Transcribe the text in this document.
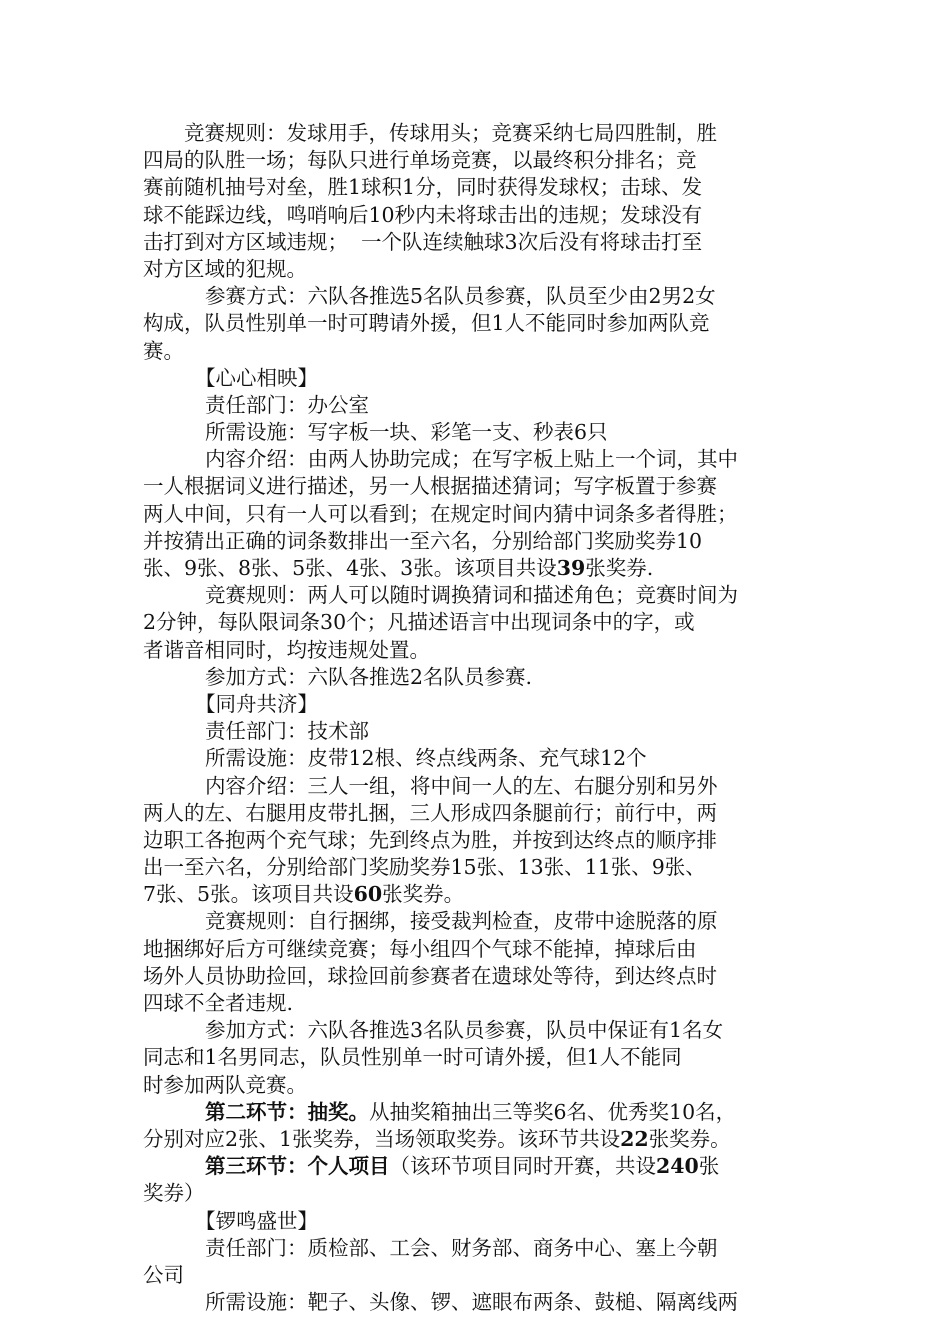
竞赛规则：发球用手，传球用头；竞赛采纳七局四胜制，胜
四局的队胜一场；每队只进行单场竞赛，以最终积分排名；竞
赛前随机抽号对垒，胜1球积1分，同时获得发球权；击球、发
球不能踩边线，鸣哨响后10秒内未将球击出的违规；发球没有
击打到对方区域违规；  一个队连续触球3次后没有将球击打至
对方区域的犯规。
参赛方式：六队各推选5名队员参赛，队员至少由2男2女
构成，队员性别单一时可聘请外援，但1人不能同时参加两队竞
赛。
【心心相映】
责任部门：办公室
所需设施：写字板一块、彩笔一支、秒表6只
内容介绍：由两人协助完成；在写字板上贴上一个词，其中
一人根据词义进行描述，另一人根据描述猜词；写字板置于参赛
两人中间，只有一人可以看到；在规定时间内猜中词条多者得胜；
并按猜出正确的词条数排出一至六名，分别给部门奖励奖券10
张、9张、8张、5张、4张、3张。该项目共设39张奖券.
竞赛规则：两人可以随时调换猜词和描述角色；竞赛时间为
2分钟，每队限词条30个；凡描述语言中出现词条中的字，或
者谐音相同时，均按违规处置。
参加方式：六队各推选2名队员参赛.
【同舟共济】
责任部门：技术部
所需设施：皮带12根、终点线两条、充气球12个
内容介绍：三人一组，将中间一人的左、右腿分别和另外
两人的左、右腿用皮带扎捆，三人形成四条腿前行；前行中，两
边职工各抱两个充气球；先到终点为胜，并按到达终点的顺序排
出一至六名，分别给部门奖励奖券15张、13张、11张、9张、
7张、5张。该项目共设60张奖券。
竞赛规则：自行捆绑，接受裁判检查，皮带中途脱落的原
地捆绑好后方可继续竞赛；每小组四个气球不能掉，掉球后由
场外人员协助捡回，球捡回前参赛者在遗球处等待，到达终点时
四球不全者违规.
参加方式：六队各推选3名队员参赛，队员中保证有1名女
同志和1名男同志，队员性别单一时可请外援，但1人不能同
时参加两队竞赛。
第二环节：抽奖。从抽奖箱抽出三等奖6名、优秀奖10名，
分别对应2张、1张奖券，当场领取奖券。该环节共设22张奖券。
第三环节：个人项目（该环节项目同时开赛，共设240张
奖券）
【锣鸣盛世】
责任部门：质检部、工会、财务部、商务中心、塞上今朝
公司
所需设施：靶子、头像、锣、遮眼布两条、鼓槌、隔离线两
